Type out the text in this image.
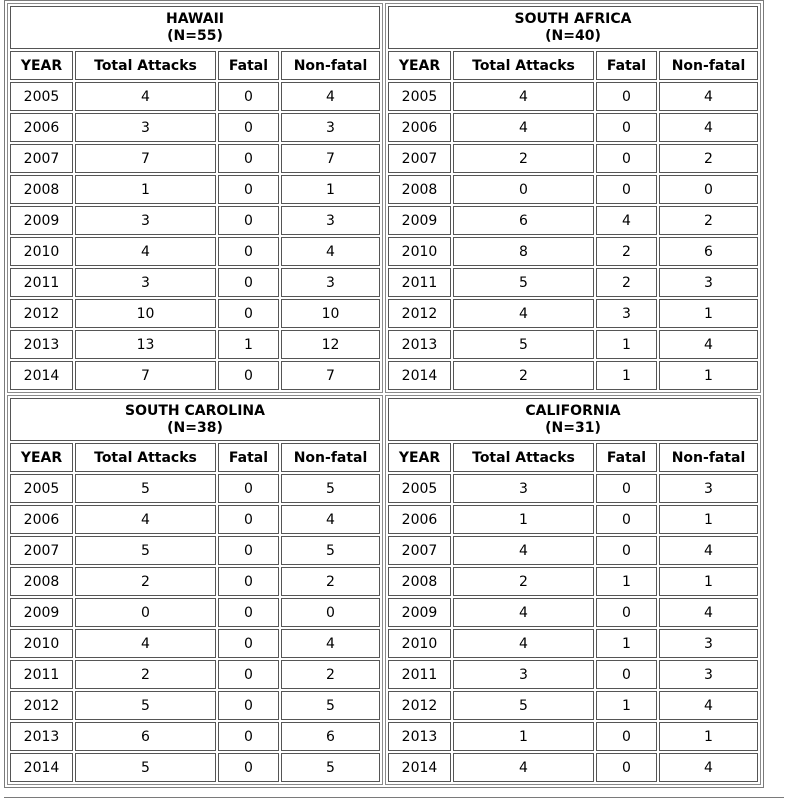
HAWAII
(N=55)
YEAR	Total Attacks	Fatal	Non-fatal
2005	4	0	4
2006	3	0	3
2007	7	0	7
2008	1	0	1
2009	3	0	3
2010	4	0	4
2011	3	0	3
2012	10	0	10
2013	13	1	12
2014	7	0	7

SOUTH AFRICA
(N=40)
YEAR	Total Attacks	Fatal	Non-fatal
2005	4	0	4
2006	4	0	4
2007	2	0	2
2008	0	0	0
2009	6	4	2
2010	8	2	6
2011	5	2	3
2012	4	3	1
2013	5	1	4
2014	2	1	1

SOUTH CAROLINA
(N=38)
YEAR	Total Attacks	Fatal	Non-fatal
2005	5	0	5
2006	4	0	4
2007	5	0	5
2008	2	0	2
2009	0	0	0
2010	4	0	4
2011	2	0	2
2012	5	0	5
2013	6	0	6
2014	5	0	5

CALIFORNIA
(N=31)
YEAR	Total Attacks	Fatal	Non-fatal
2005	3	0	3
2006	1	0	1
2007	4	0	4
2008	2	1	1
2009	4	0	4
2010	4	1	3
2011	3	0	3
2012	5	1	4
2013	1	0	1
2014	4	0	4
